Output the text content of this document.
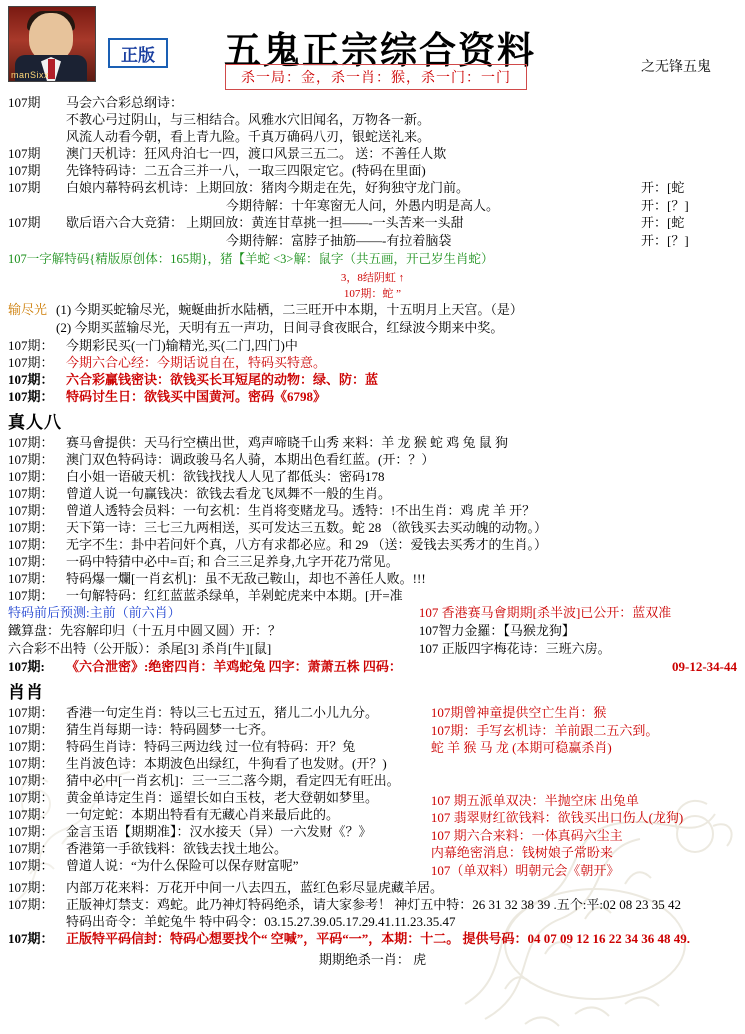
manSixx
正版	五鬼正宗综合资料	之无锋五鬼
杀一局：金，杀一肖：猴，杀一门：一门
107期	马会六合彩总纲诗：
不教心弓过阴山，与三相结合。风雅水穴旧闻名，万物各一新。
风流人动看今朝，看上青九险。千真万确码八刃，银蛇送礼来。
107期	澳门天机诗：狂风舟泊七一四，渡口风景三五二。 送：不善任人欺
107期	先锋特码诗：二五合三并一八，一取三四限定它。(特码在里面)
107期	白娘内幕特码玄机诗：上期回放：猪肉今期走在先，好狗独守龙门前。	开：[蛇
今期待解：十年寒窗无人问，外愚内明是高人。	开：[？]
107期	歇后语六合大竞猜： 上期回放：黄连甘草挑一担——-一头苦来一头甜	开：[蛇
今期待解：富脖子抽筋——-有拉着脑袋	开：[？]
107一字解特码{精版原创体：165期}，猪【羊蛇 <3>解：鼠字（共五画，开己岁生肖蛇）
3，8结阴虹 ↑
107期：蛇 ”
输尽光 (1) 今期买蛇输尽光，蜿蜒曲折水陆栖，二三旺开中本期，十五明月上天宫。（是）
(2) 今期买蓝输尽光，天明有五一声功，日间寻食夜眠合，红绿波今期来中奖。
107期： 今期彩民买(一门)输精光,买(二门,四门)中
107期： 今期六合心经：今期话说自在，特码买特意。
107期： 六合彩赢钱密诀：欲钱买长耳短尾的动物：绿、防：蓝
107期： 特码讨生日：欲钱买中国黄河。密码《6798》
真人八
107期： 赛马會提供：天马行空横出世，鸡声啼晓千山秀 来料：羊 龙 猴 蛇 鸡 兔 鼠 狗
107期： 澳门双色特码诗：调政骏马名人骑，本期出色看红蓝。(开：？）
107期： 白小姐一语破天机：欲钱找找人人见了都低头：密码178
107期： 曾道人说一句赢钱决：欲钱去看龙飞凤舞不一般的生肖。
107期： 曾道人透特会员料：一句玄机：生肖将变赌龙马。透特：!不出生肖：鸡 虎 羊 开？
107期： 天下第一诗：三七三九两相送，买可发达三五数。蛇 28 （欲钱买去买动魄的动物。）
107期： 无字不生：卦中若问奸个真，八方有求都必应。和 29 （送：爱钱去买秀才的生肖。）
107期： 一码中特猜中必中=百; 和 合三三足养身,九字开花乃常见。
107期： 特码爆一爛[一肖玄机]：虽不无敌己鞍山，却也不善任人败。!!!
107期： 一句解特码：红红蓝蓝杀绿单，羊剁蛇虎来中本期。[开=准
特码前后预测:主前（前六肖）	107 香港赛马會期期[杀半波]已公开：蓝双准
鐵算盘：先容解印归（十五月中圆又圆）开：？	107智力金羅：【马猴龙狗】
六合彩不出特（公开版）：杀尾[3] 杀肖[牛][鼠]	107 正版四字梅花诗：三班六房。
107期:	《六合泄密》:绝密四肖：羊鸡蛇兔 四字：萧萧五株 四码：	09-12-34-44
肖肖
107期： 香港一句定生肖：特以三七五过五，猪儿二小儿九分。
107期： 猜生肖每期一诗：特码圆梦一七齐。
107期： 特码生肖诗：特码三两边线 过一位有特码：开？兔
107期： 生肖波色诗：本期波色出绿红，牛狗看了也发财。(开？)
107期： 猜中必中[一肖玄机]：三一三二落今期，看定四无有旺出。
107期： 黄金单诗定生肖：遥望长如白玉枝，老大登朝如梦里。
107期： 一句定蛇：本期出特看有无藏心肖来最后此的。
107期： 金言玉语【期期准】：汉水接天（异）一六发财《？》
107期： 香港第一手欲钱料：欲钱去找土地公。
107期： 曾道人说：“为什么保险可以保存财富呢”
107期曾神童提供空亡生肖：猴
107期：手写玄机诗：羊前跟二五六到。
蛇 羊 猴 马 龙 (本期可稳赢杀肖)

107 期五派单双决：半抛空床 出兔单
107 翡翠财红欲钱料：欲钱买出口伤人(龙狗)
107 期六合来料：一体真码六尘主
内幕绝密消息：钱树娘子常盼来
107（单双料）明朝元会《朝开》
107期： 内部万花来料：万花开中间一八去四五，蓝红色彩尽显虎藏羊居。
107期： 正版神灯禁支：鸡蛇。此乃神灯特码绝杀，请大家参考！ 神灯五中特：26 31 32 38 39 .五个:平:02 08 23 35 42
特码出奇令：羊蛇兔牛 特中码令：03.15.27.39.05.17.29.41.11.23.35.47
107期： 正版特平码信封：特码心想要找个“ 空喊”，平码“一”，本期：十二。 提供号码：04 07 09 12 16 22 34 36 48 49.
期期绝杀一肖： 虎
